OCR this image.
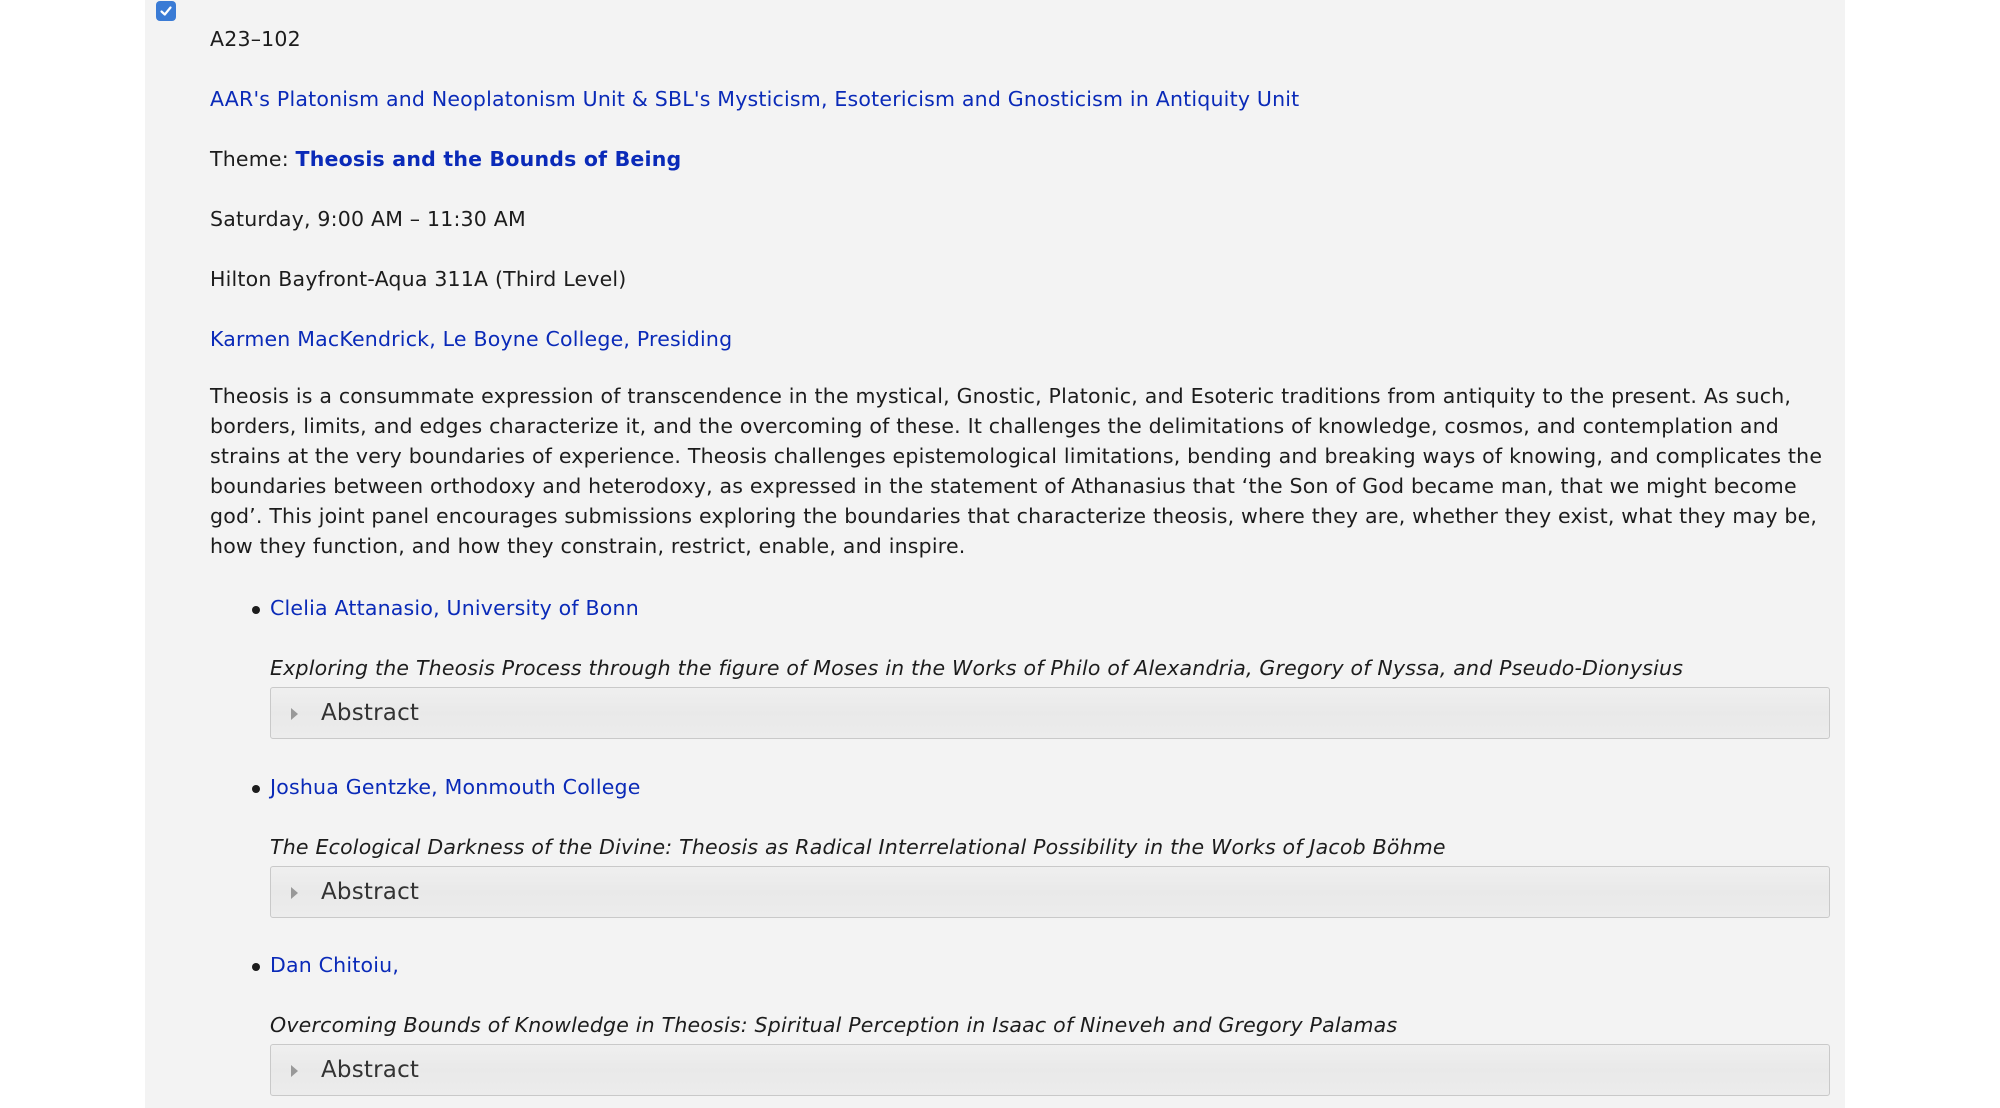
A23–102
AAR's Platonism and Neoplatonism Unit & SBL's Mysticism, Esotericism and Gnosticism in Antiquity Unit
Theme: Theosis and the Bounds of Being
Saturday, 9:00 AM – 11:30 AM
Hilton Bayfront-Aqua 311A (Third Level)
Karmen MacKendrick, Le Boyne College, Presiding
Theosis is a consummate expression of transcendence in the mystical, Gnostic, Platonic, and Esoteric traditions from antiquity to the present. As such, borders, limits, and edges characterize it, and the overcoming of these. It challenges the delimitations of knowledge, cosmos, and contemplation and strains at the very boundaries of experience. Theosis challenges epistemological limitations, bending and breaking ways of knowing, and complicates the boundaries between orthodoxy and heterodoxy, as expressed in the statement of Athanasius that ‘the Son of God became man, that we might become god’. This joint panel encourages submissions exploring the boundaries that characterize theosis, where they are, whether they exist, what they may be, how they function, and how they constrain, restrict, enable, and inspire.
Clelia Attanasio, University of Bonn
Exploring the Theosis Process through the figure of Moses in the Works of Philo of Alexandria, Gregory of Nyssa, and Pseudo-Dionysius
Abstract
Joshua Gentzke, Monmouth College
The Ecological Darkness of the Divine: Theosis as Radical Interrelational Possibility in the Works of Jacob Böhme
Abstract
Dan Chitoiu,
Overcoming Bounds of Knowledge in Theosis: Spiritual Perception in Isaac of Nineveh and Gregory Palamas
Abstract
